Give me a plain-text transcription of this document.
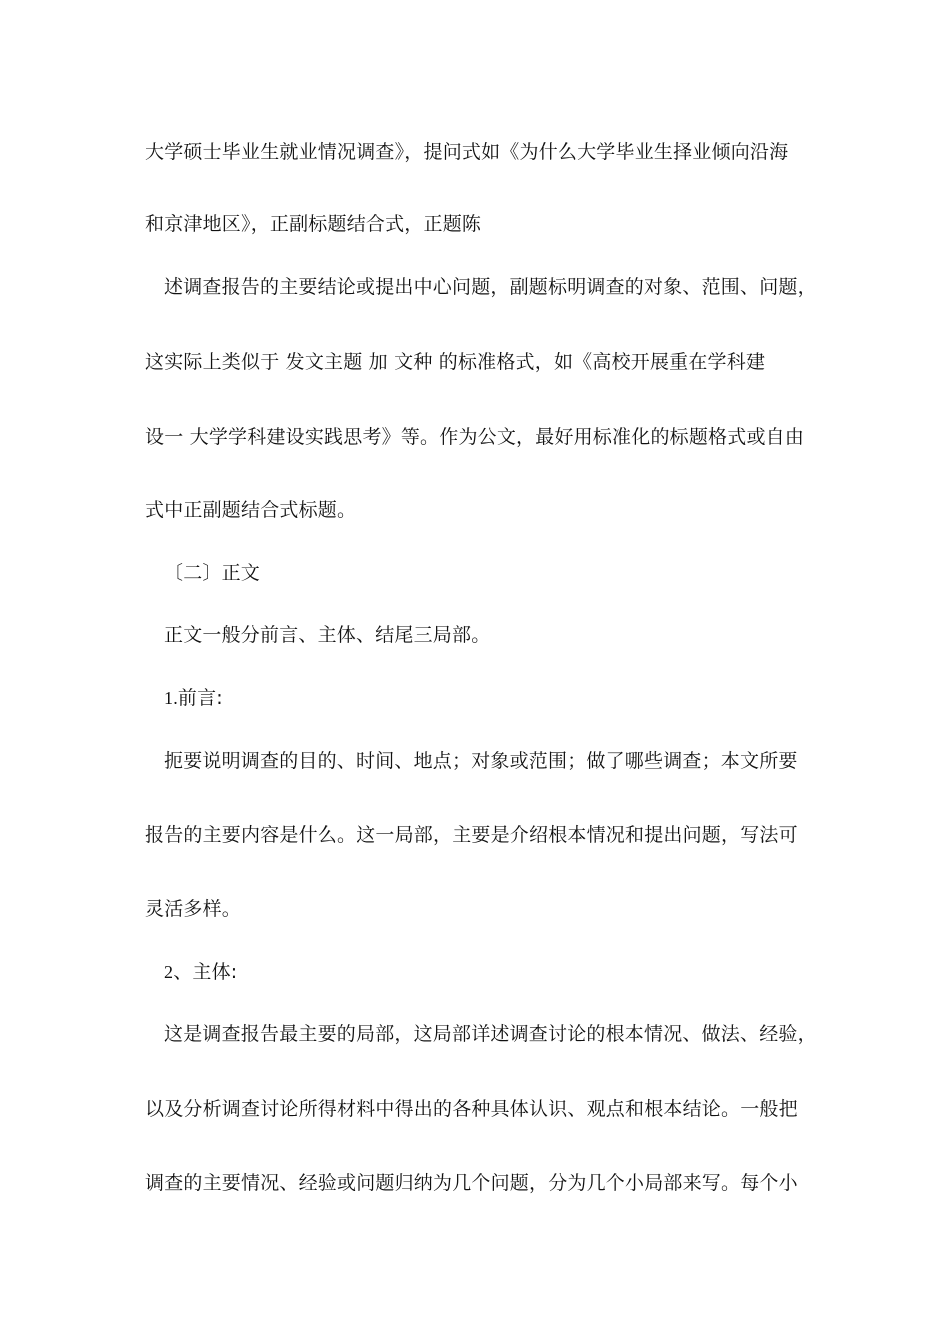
大学硕士毕业生就业情况调查》，提问式如《为什么大学毕业生择业倾向沿海
和京津地区》，正副标题结合式，正题陈
述调查报告的主要结论或提出中心问题，副题标明调查的对象、范围、问题，
这实际上类似于 发文主题 加 文种 的标准格式，如《高校开展重在学科建
设一 大学学科建设实践思考》等。作为公文，最好用标准化的标题格式或自由
式中正副题结合式标题。
〔二〕正文
正文一般分前言、主体、结尾三局部。
1.前言:
扼要说明调查的目的、时间、地点；对象或范围；做了哪些调查；本文所要
报告的主要内容是什么。这一局部，主要是介绍根本情况和提出问题，写法可
灵活多样。
2、主体:
这是调查报告最主要的局部，这局部详述调查讨论的根本情况、做法、经验，
以及分析调查讨论所得材料中得出的各种具体认识、观点和根本结论。一般把
调查的主要情况、经验或问题归纳为几个问题，分为几个小局部来写。每个小
